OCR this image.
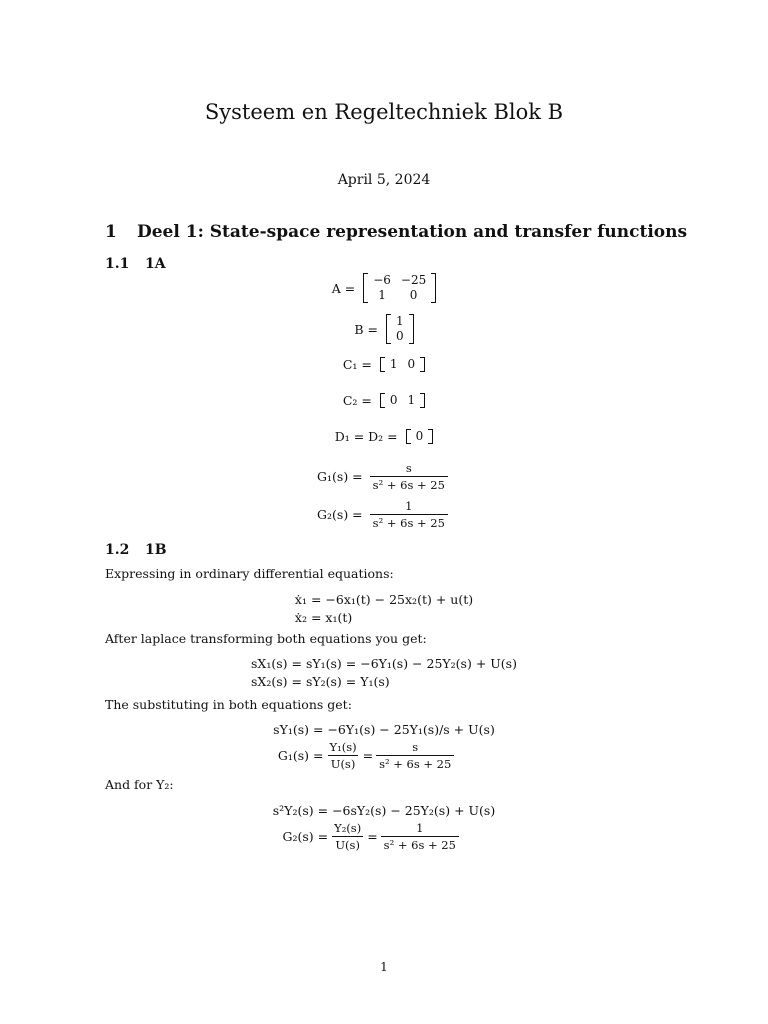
Systeem en Regeltechniek Blok B
April 5, 2024
1 Deel 1: State-space representation and transfer functions
1.1 1A
A =
−6	−25
1	0
B =
1
0
C₁ = 1	0
C₂ = 0	1
D₁ = D₂ = 0
$G_1(s) = \frac{s}{\text{s² + 6s + 25}}$
$G_2(s) = \frac{1}{\text{s² + 6s + 25}}$
1.2 1B
Expressing in ordinary differential equations:
ẋ₁ = −6x₁(t) − 25x₂(t) + u(t)
ẋ₂ = x₁(t)
After laplace transforming both equations you get:
sX₁(s) = sY₁(s) = −6Y₁(s) − 25Y₂(s) + U(s)
sX₂(s) = sY₂(s) = Y₁(s)
The substituting in both equations get:
sY₁(s) = −6Y₁(s) − 25Y₁(s)/s + U(s)
$G_1(s) = \frac{\text{Y₁(s)}}{U(s)} = \frac{s}{\text{s² + 6s + 25}}$
And for Y₂:
s²Y₂(s) = −6sY₂(s) − 25Y₂(s) + U(s)
$G_2(s) = \frac{\text{Y₂(s)}}{U(s)} = \frac{1}{\text{s² + 6s + 25}}$
1
